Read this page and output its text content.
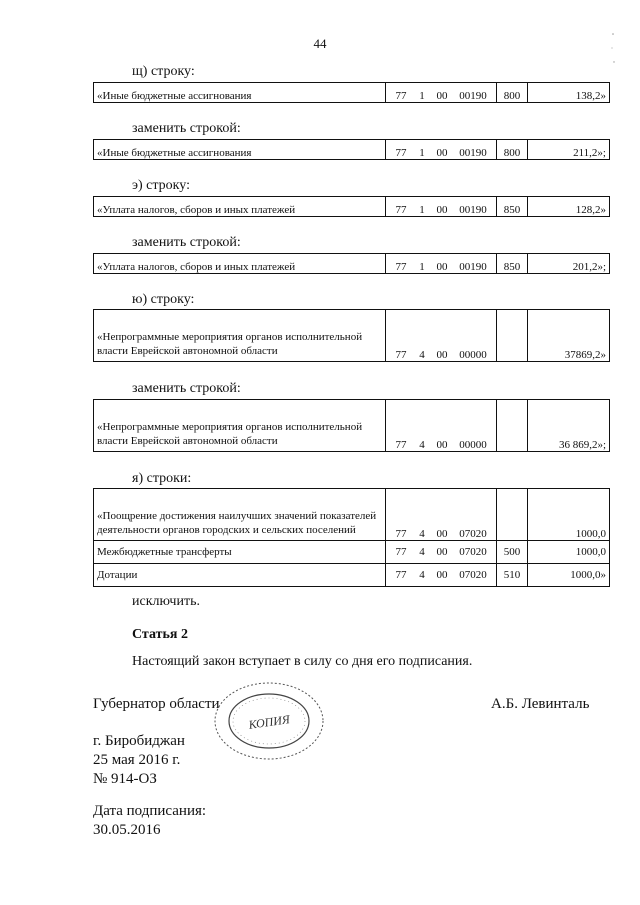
44
щ) строку:
«Иные бюджетные ассигнования	77 1 00 00190	800	138,2»
заменить строкой:
«Иные бюджетные ассигнования	77 1 00 00190	800	211,2»;
э) строку:
«Уплата налогов, сборов и иных платежей	77 1 00 00190	850	128,2»
заменить строкой:
«Уплата налогов, сборов и иных платежей	77 1 00 00190	850	201,2»;
ю) строку:
«Непрограммные мероприятия органов исполнительной власти Еврейской автономной области	77 4 00 00000		37869,2»
заменить строкой:
«Непрограммные мероприятия органов исполнительной власти Еврейской автономной области	77 4 00 00000		36 869,2»;
я) строки:
«Поощрение достижения наилучших значений показателей деятельности органов городских и сельских поселений	77 4 00 07020		1000,0
Межбюджетные трансферты	77 4 00 07020	500	1000,0
Дотации	77 4 00 07020	510	1000,0»
исключить.
Статья 2
Настоящий закон вступает в силу со дня его подписания.
КОПИЯ
Губернатор области	А.Б. Левинталь
г. Биробиджан
25 мая 2016 г.
№ 914-ОЗ
Дата подписания:
30.05.2016
